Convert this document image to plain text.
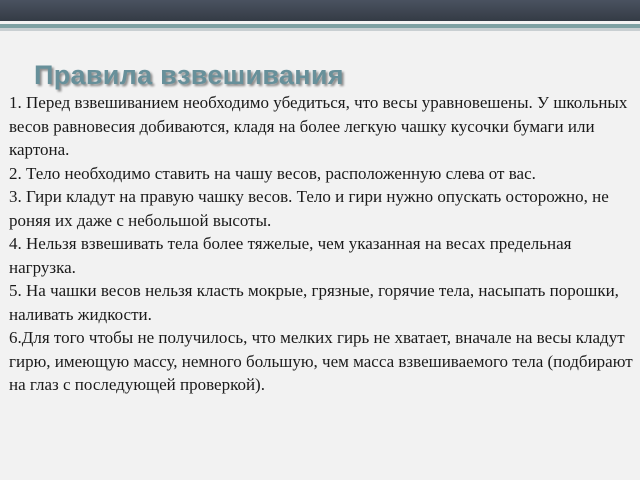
Правила взвешивания

1. Перед взвешиванием необходимо убедиться, что весы уравновешены. У школьных весов равновесия добиваются, кладя на более легкую чашку кусочки бумаги или картона.

2. Тело необходимо ставить на чашу весов, расположенную слева от вас.

3. Гири кладут на правую чашку весов. Тело и гири нужно опускать осторожно, не роняя их даже с небольшой высоты.

4. Нельзя взвешивать тела более тяжелые, чем указанная на весах предельная нагрузка.

5. На чашки весов нельзя класть мокрые, грязные, горячие тела, насыпать порошки, наливать жидкости.

6.Для того чтобы не получилось, что мелких гирь не хватает, вначале на весы кладут гирю, имеющую массу, немного большую, чем масса взвешиваемого тела (подбирают на глаз с последующей проверкой).
